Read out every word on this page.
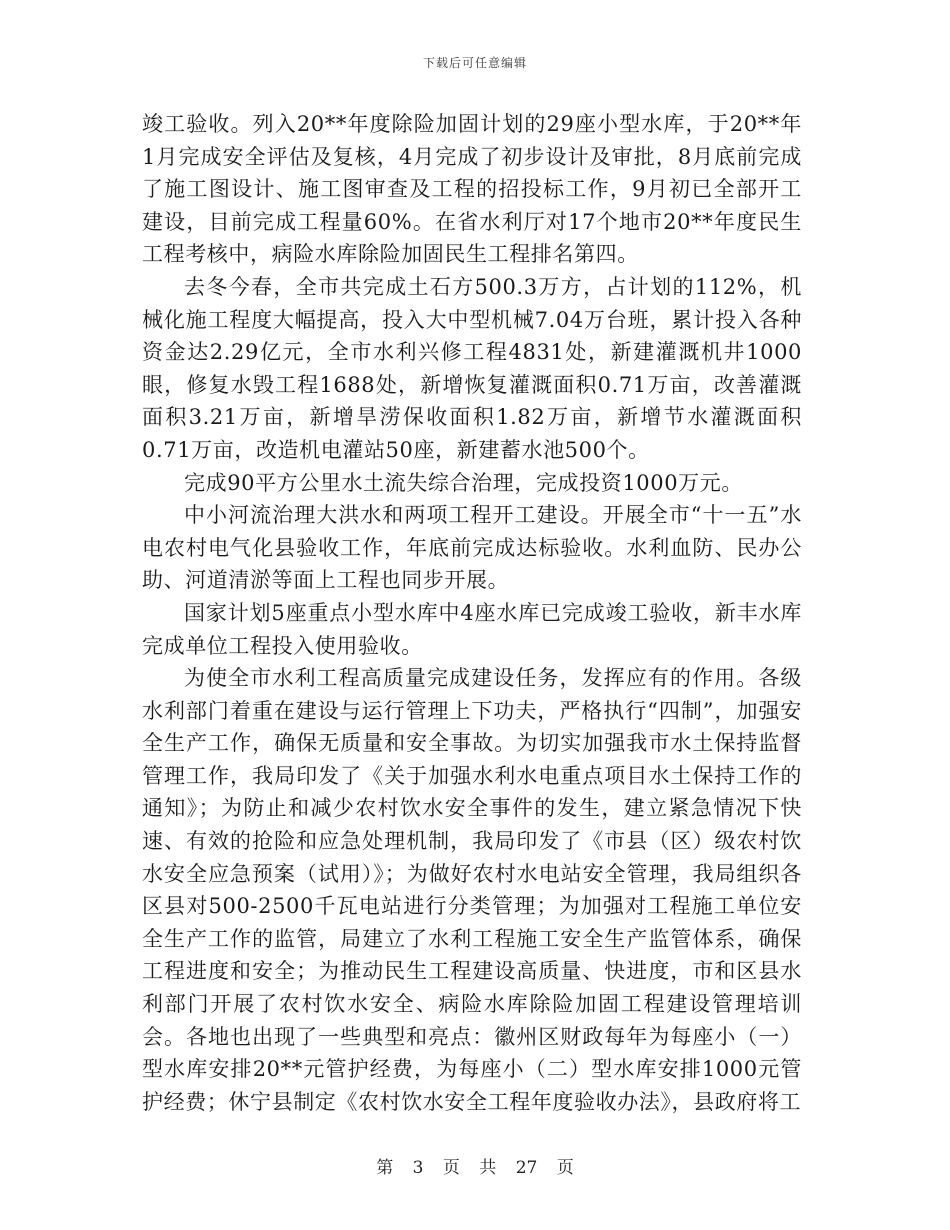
下载后可任意编辑

竣工验收。列入20**年度除险加固计划的29座小型水库，于20**年1月完成安全评估及复核，4月完成了初步设计及审批，8月底前完成了施工图设计、施工图审查及工程的招投标工作，9月初已全部开工建设，目前完成工程量60%。在省水利厅对17个地市20**年度民生工程考核中，病险水库除险加固民生工程排名第四。

去冬今春，全市共完成土石方500.3万方，占计划的112%，机械化施工程度大幅提高，投入大中型机械7.04万台班，累计投入各种资金达2.29亿元，全市水利兴修工程4831处，新建灌溉机井1000眼，修复水毁工程1688处，新增恢复灌溉面积0.71万亩，改善灌溉面积3.21万亩，新增旱涝保收面积1.82万亩，新增节水灌溉面积0.71万亩，改造机电灌站50座，新建蓄水池500个。

完成90平方公里水土流失综合治理，完成投资1000万元。

中小河流治理大洪水和两项工程开工建设。开展全市“十一五”水电农村电气化县验收工作，年底前完成达标验收。水利血防、民办公助、河道清淤等面上工程也同步开展。

国家计划5座重点小型水库中4座水库已完成竣工验收，新丰水库完成单位工程投入使用验收。

为使全市水利工程高质量完成建设任务，发挥应有的作用。各级水利部门着重在建设与运行管理上下功夫，严格执行“四制”，加强安全生产工作，确保无质量和安全事故。为切实加强我市水土保持监督管理工作，我局印发了《关于加强水利水电重点项目水土保持工作的通知》；为防止和减少农村饮水安全事件的发生，建立紧急情况下快速、有效的抢险和应急处理机制，我局印发了《市县（区）级农村饮水安全应急预案（试用）》；为做好农村水电站安全管理，我局组织各区县对500-2500千瓦电站进行分类管理；为加强对工程施工单位安全生产工作的监管，局建立了水利工程施工安全生产监管体系，确保工程进度和安全；为推动民生工程建设高质量、快进度，市和区县水利部门开展了农村饮水安全、病险水库除险加固工程建设管理培训会。各地也出现了一些典型和亮点：徽州区财政每年为每座小（一）型水库安排20**元管护经费，为每座小（二）型水库安排1000元管护经费；休宁县制定《农村饮水安全工程年度验收办法》，县政府将工

第 3 页 共 27 页
